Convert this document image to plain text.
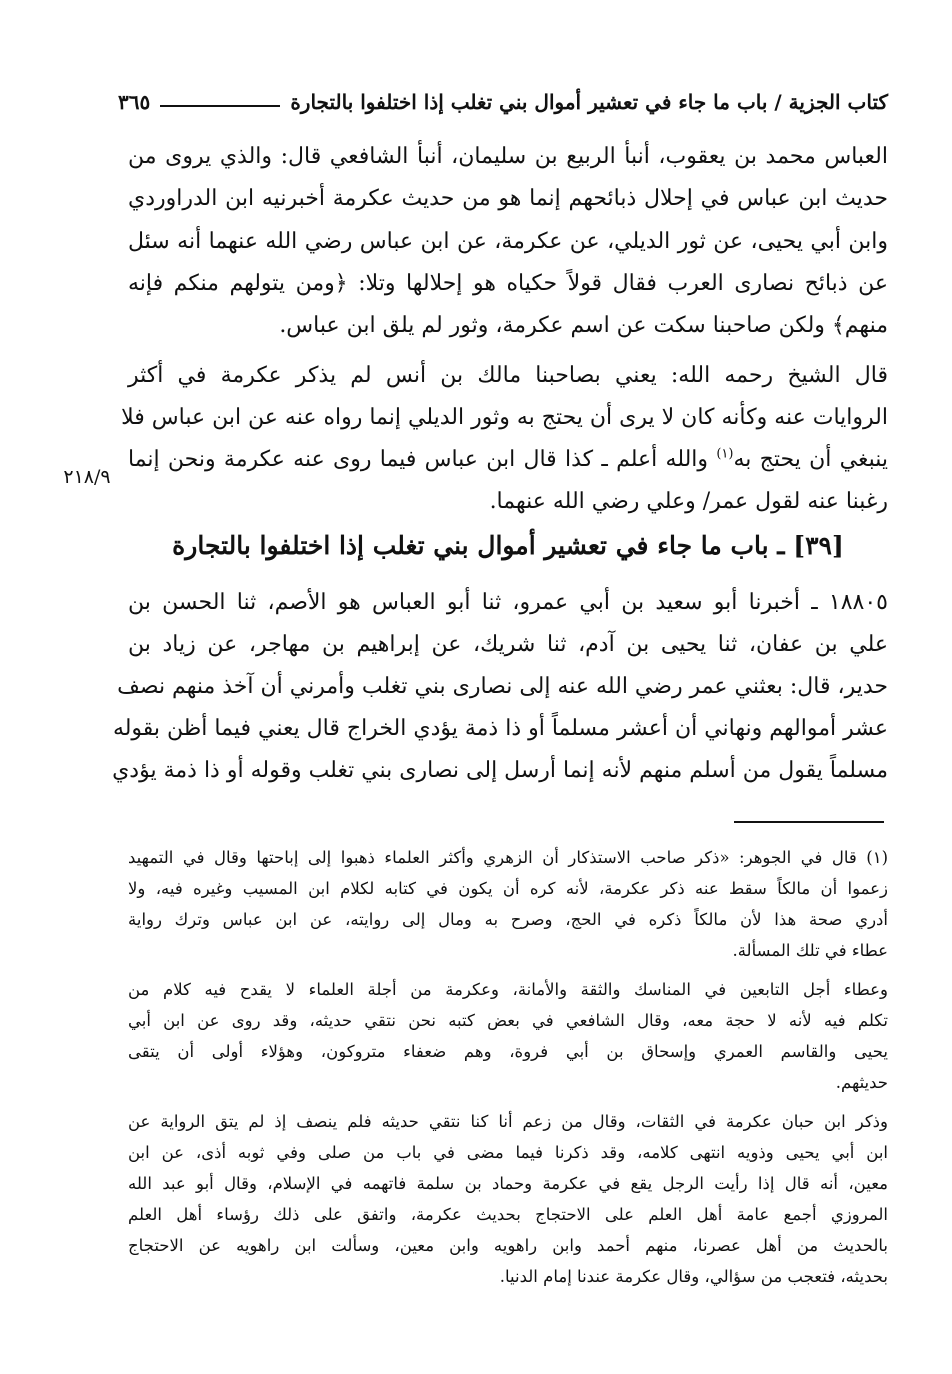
كتاب الجزية / باب ما جاء في تعشير أموال بني تغلب إذا اختلفوا بالتجارة
٣٦٥
العباس محمد بن يعقوب، أنبأ الربيع بن سليمان، أنبأ الشافعي قال: والذي يروى من
حديث ابن عباس في إحلال ذبائحهم إنما هو من حديث عكرمة أخبرنيه ابن الدراوردي
وابن أبي يحيى، عن ثور الديلي، عن عكرمة، عن ابن عباس رضي الله عنهما أنه سئل
عن ذبائح نصارى العرب فقال قولاً حكياه هو إحلالها وتلا: ﴿ومن يتولهم منكم فإنه
منهم﴾ ولكن صاحبنا سكت عن اسم عكرمة، وثور لم يلق ابن عباس.
قال الشيخ رحمه الله: يعني بصاحبنا مالك بن أنس لم يذكر عكرمة في أكثر
الروايات عنه وكأنه كان لا يرى أن يحتج به وثور الديلي إنما رواه عنه عن ابن عباس فلا
ينبغي أن يحتج به$^{(١)}$ والله أعلم ـ كذا قال ابن عباس فيما روى عنه عكرمة ونحن إنما
رغبنا عنه لقول عمر/ وعلي رضي الله عنهما.
٢١٨/٩
[٣٩] ـ باب ما جاء في تعشير أموال بني تغلب إذا اختلفوا بالتجارة
١٨٨٠٥ ـ أخبرنا أبو سعيد بن أبي عمرو، ثنا أبو العباس هو الأصم، ثنا الحسن بن
علي بن عفان، ثنا يحيى بن آدم، ثنا شريك، عن إبراهيم بن مهاجر، عن زياد بن
حدير، قال: بعثني عمر رضي الله عنه إلى نصارى بني تغلب وأمرني أن آخذ منهم نصف
عشر أموالهم ونهاني أن أعشر مسلماً أو ذا ذمة يؤدي الخراج قال يعني فيما أظن بقوله
مسلماً يقول من أسلم منهم لأنه إنما أرسل إلى نصارى بني تغلب وقوله أو ذا ذمة يؤدي
(١) قال في الجوهر: «ذكر صاحب الاستذكار أن الزهري وأكثر العلماء ذهبوا إلى إباحتها وقال في التمهيد
زعموا أن مالكاً سقط عنه ذكر عكرمة، لأنه كره أن يكون في كتابه لكلام ابن المسيب وغيره فيه، ولا
أدري صحة هذا لأن مالكاً ذكره في الحج، وصرح به ومال إلى روايته، عن ابن عباس وترك رواية
عطاء في تلك المسألة.
وعطاء أجل التابعين في المناسك والثقة والأمانة، وعكرمة من أجلة العلماء لا يقدح فيه كلام من
تكلم فيه لأنه لا حجة معه، وقال الشافعي في بعض كتبه نحن نتقي حديثه، وقد روى عن ابن أبي
يحيى والقاسم العمري وإسحاق بن أبي فروة، وهم ضعفاء متروكون، وهؤلاء أولى أن يتقى
حديثهم.
وذكر ابن حبان عكرمة في الثقات، وقال من زعم أنا كنا نتقي حديثه فلم ينصف إذ لم يتق الرواية عن
ابن أبي يحيى وذويه انتهى كلامه، وقد ذكرنا فيما مضى في باب من صلى وفي ثوبه أذى، عن ابن
معين، أنه قال إذا رأيت الرجل يقع في عكرمة وحماد بن سلمة فاتهمه في الإسلام، وقال أبو عبد الله
المروزي أجمع عامة أهل العلم على الاحتجاج بحديث عكرمة، واتفق على ذلك رؤساء أهل العلم
بالحديث من أهل عصرنا، منهم أحمد وابن راهويه وابن معين، وسألت ابن راهويه عن الاحتجاج
بحديثه، فتعجب من سؤالي، وقال عكرمة عندنا إمام الدنيا.
